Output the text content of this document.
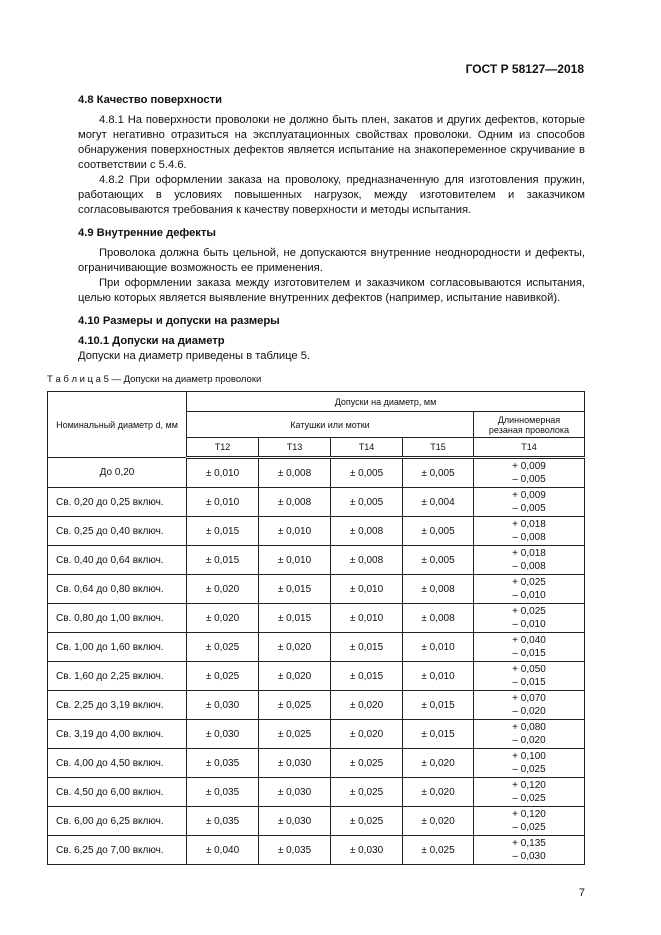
ГОСТ Р 58127—2018

4.8 Качество поверхности

4.8.1 На поверхности проволоки не должно быть плен, закатов и других дефектов, которые могут негативно отразиться на эксплуатационных свойствах проволоки. Одним из способов обнаружения поверхностных дефектов является испытание на знакопеременное скручивание в соответствии с 5.4.6.

4.8.2 При оформлении заказа на проволоку, предназначенную для изготовления пружин, работающих в условиях повышенных нагрузок, между изготовителем и заказчиком согласовываются требования к качеству поверхности и методы испытания.

4.9 Внутренние дефекты

Проволока должна быть цельной, не допускаются внутренние неоднородности и дефекты, ограничивающие возможность ее применения.

При оформлении заказа между изготовителем и заказчиком согласовываются испытания, целью которых является выявление внутренних дефектов (например, испытание навивкой).

4.10 Размеры и допуски на размеры

4.10.1 Допуски на диаметр

Допуски на диаметр приведены в таблице 5.

Т а б л и ц а 5 — Допуски на диаметр проволоки
Номинальный диаметр d, мм	Допуски на диаметр, мм				
	Катушки или мотки				Длинномерная резаная проволока
	Т12	Т13	Т14	Т15	Т14
До 0,20	± 0,010	± 0,008	± 0,005	± 0,005	+ 0,009
– 0,005

Св. 0,20 до 0,25 включ.	± 0,010	± 0,008	± 0,005	± 0,004	+ 0,009
– 0,005

Св. 0,25 до 0,40 включ.	± 0,015	± 0,010	± 0,008	± 0,005	+ 0,018
– 0,008

Св. 0,40 до 0,64 включ.	± 0,015	± 0,010	± 0,008	± 0,005	+ 0,018
– 0,008

Св. 0,64 до 0,80 включ.	± 0,020	± 0,015	± 0,010	± 0,008	+ 0,025
– 0,010

Св. 0,80 до 1,00 включ.	± 0,020	± 0,015	± 0,010	± 0,008	+ 0,025
– 0,010

Св. 1,00 до 1,60 включ.	± 0,025	± 0,020	± 0,015	± 0,010	+ 0,040
– 0,015

Св. 1,60 до 2,25 включ.	± 0,025	± 0,020	± 0,015	± 0,010	+ 0,050
– 0,015

Св. 2,25 до 3,19 включ.	± 0,030	± 0,025	± 0,020	± 0,015	+ 0,070
– 0,020

Св. 3,19 до 4,00 включ.	± 0,030	± 0,025	± 0,020	± 0,015	+ 0,080
– 0,020

Св. 4,00 до 4,50 включ.	± 0,035	± 0,030	± 0,025	± 0,020	+ 0,100
– 0,025

Св. 4,50 до 6,00 включ.	± 0,035	± 0,030	± 0,025	± 0,020	+ 0,120
– 0,025

Св. 6,00 до 6,25 включ.	± 0,035	± 0,030	± 0,025	± 0,020	+ 0,120
– 0,025

Св. 6,25 до 7,00 включ.	± 0,040	± 0,035	± 0,030	± 0,025	+ 0,135
– 0,030
7
